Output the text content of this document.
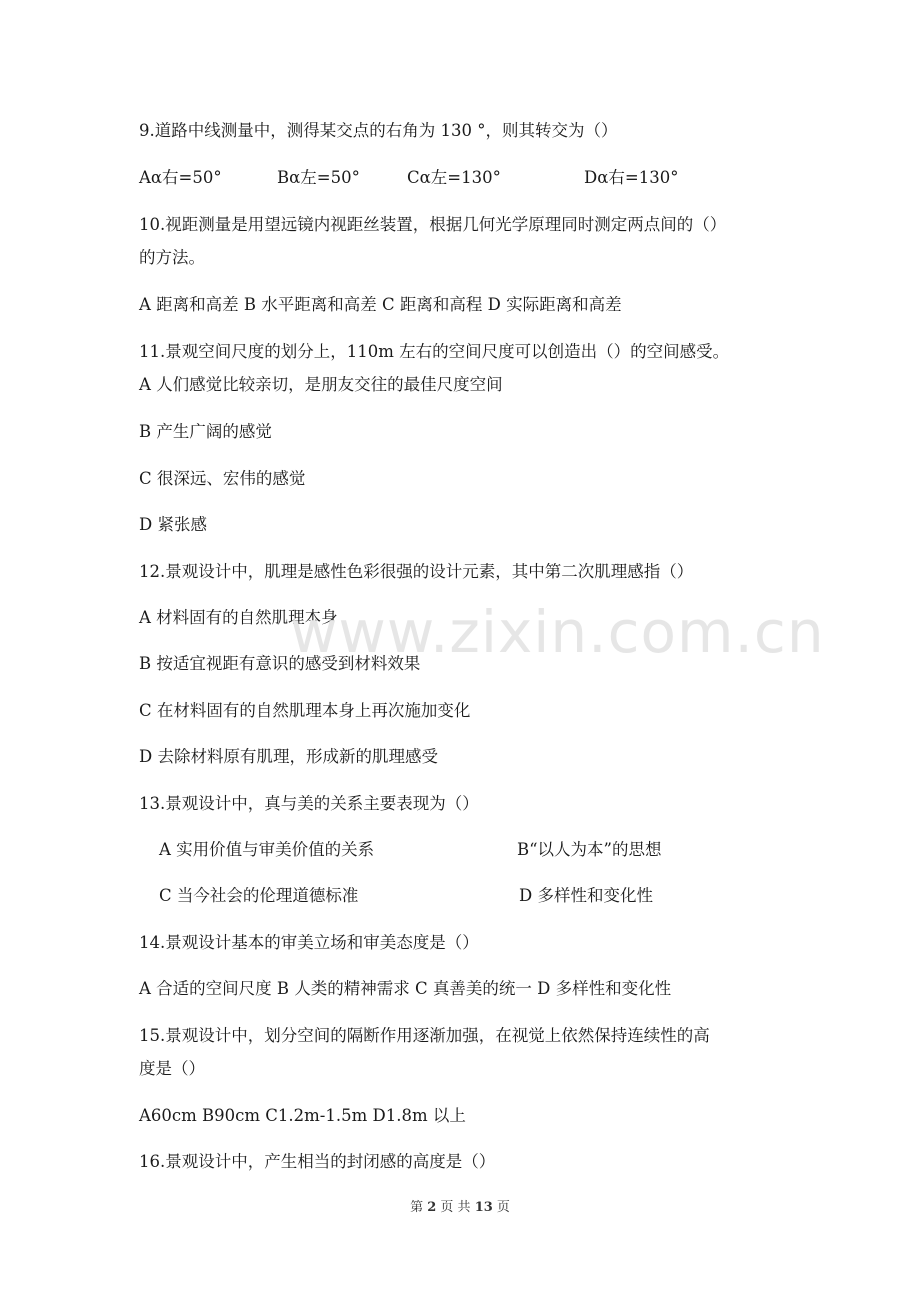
9.道路中线测量中，测得某交点的右角为 130 °，则其转交为（）
Aα右=50°	Bα左=50°	Cα左=130°	Dα右=130°
10.视距测量是用望远镜内视距丝装置，根据几何光学原理同时测定两点间的（）
的方法。
A 距离和高差 B 水平距离和高差 C 距离和高程 D 实际距离和高差
11.景观空间尺度的划分上，110m 左右的空间尺度可以创造出（）的空间感受。
A 人们感觉比较亲切，是朋友交往的最佳尺度空间
B 产生广阔的感觉
C 很深远、宏伟的感觉
D 紧张感
12.景观设计中，肌理是感性色彩很强的设计元素，其中第二次肌理感指（）
A 材料固有的自然肌理本身
B 按适宜视距有意识的感受到材料效果
C 在材料固有的自然肌理本身上再次施加变化
D 去除材料原有肌理，形成新的肌理感受
13.景观设计中，真与美的关系主要表现为（）
A 实用价值与审美价值的关系	B“以人为本”的思想
C 当今社会的伦理道德标准	D 多样性和变化性
14.景观设计基本的审美立场和审美态度是（）
A 合适的空间尺度 B 人类的精神需求 C 真善美的统一 D 多样性和变化性
15.景观设计中，划分空间的隔断作用逐渐加强，在视觉上依然保持连续性的高
度是（）
A60cm B90cm C1.2m-1.5m D1.8m 以上
16.景观设计中，产生相当的封闭感的高度是（）
www.zixin.com.cn
第 2 页 共 13 页
